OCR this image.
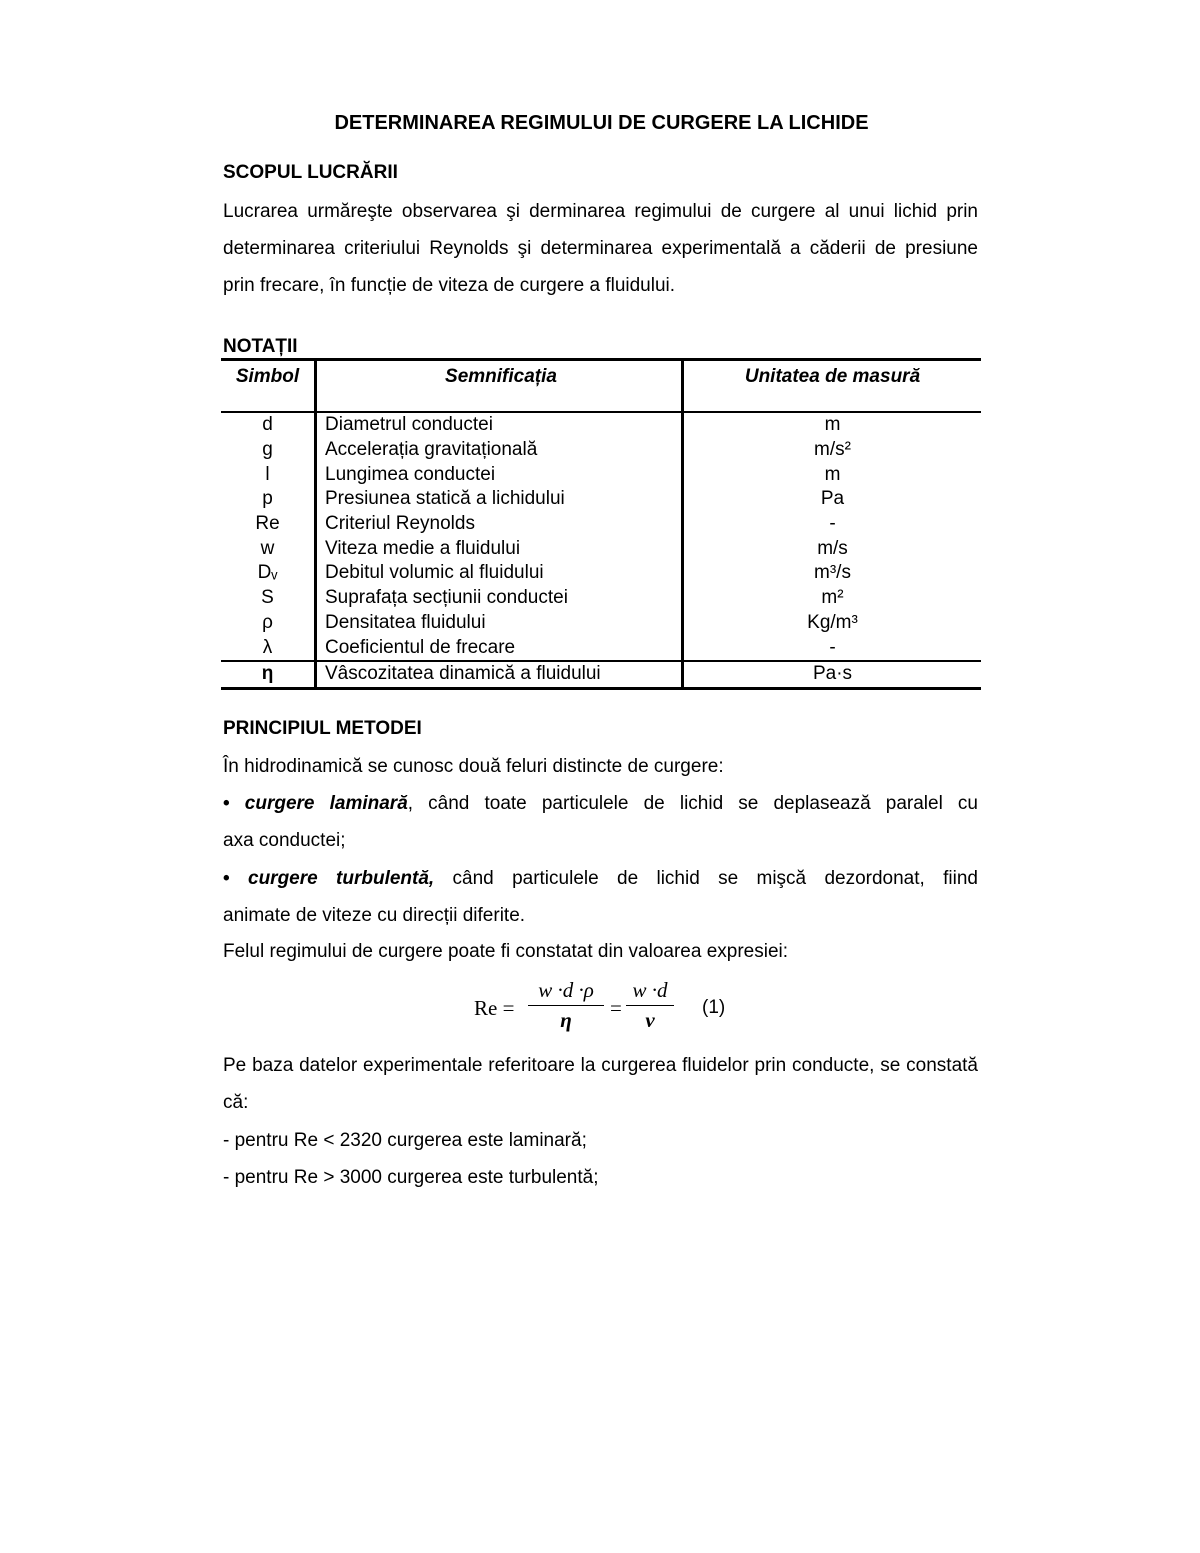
DETERMINAREA REGIMULUI DE CURGERE LA LICHIDE
SCOPUL LUCRĂRII
Lucrarea urmăreşte observarea şi derminarea regimului de curgere al unui lichid prin determinarea criteriului Reynolds şi determinarea experimentală a căderii de presiune prin frecare, în funcție de viteza de curgere a fluidului.
NOTAȚII
Simbol	Semnificația	Unitatea de masură
d	Diametrul conductei	m
g	Accelerația gravitațională	m/s²
l	Lungimea conductei	m
p	Presiunea statică a lichidului	Pa
Re	Criteriul Reynolds	-
w	Viteza medie a fluidului	m/s
Dᵥ	Debitul volumic al fluidului	m³/s
S	Suprafața secțiunii conductei	m²
ρ	Densitatea fluidului	Kg/m³
λ	Coeficientul de frecare	-
η	Vâscozitatea dinamică a fluidului	Pa·s
PRINCIPIUL METODEI
În hidrodinamică se cunosc două feluri distincte de curgere:
• curgere laminară, când toate particulele de lichid se deplasează paralel cu
axa conductei;
• curgere turbulentă, când particulele de lichid se mişcă dezordonat, fiind
animate de viteze cu direcții diferite.
Felul regimului de curgere poate fi constatat din valoarea expresiei:
$Re = \frac{w \cdot d \cdot\rho}{\eta} = \frac{w \cdot d}{\nu} (1)$
Pe baza datelor experimentale referitoare la curgerea fluidelor prin conducte, se constată că:
- pentru Re < 2320 curgerea este laminară;
- pentru Re > 3000 curgerea este turbulentă;
